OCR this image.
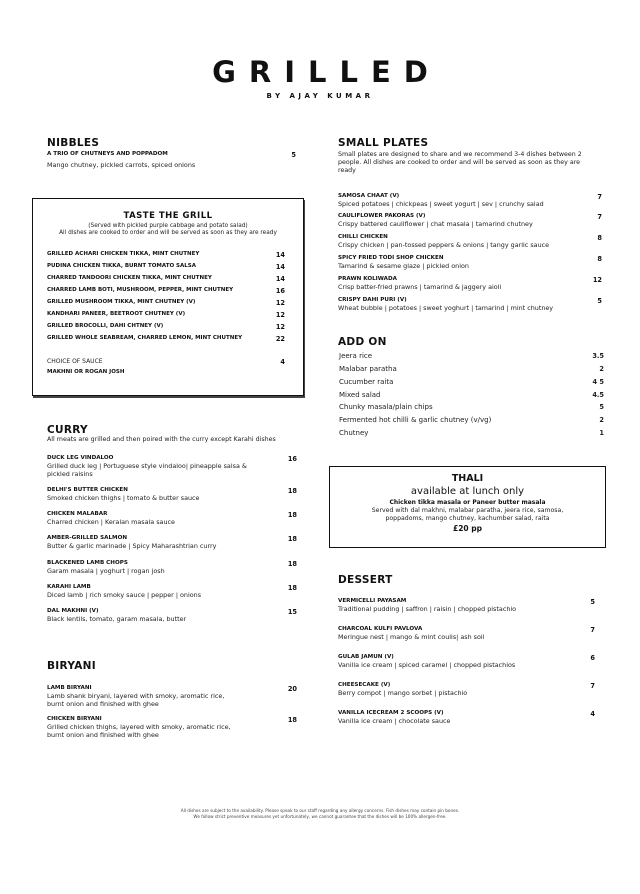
GRILLED
BY AJAY KUMAR
NIBBLES
A TRIO OF CHUTNEYS AND POPPADOM
Mango chutney, pickled carrots, spiced onions
5
TASTE THE GRILL
(Served with pickled purple cabbage and potato salad)
All dishes are cooked to order and will be served as soon as they are ready
GRILLED ACHARI CHICKEN TIKKA, MINT CHUTNEY	14
PUDINA CHICKEN TIKKA, BURNT TOMATO SALSA	14
CHARRED TANDOORI CHICKEN TIKKA, MINT CHUTNEY	14
CHARRED LAMB BOTI, MUSHROOM, PEPPER, MINT CHUTNEY	16
GRILLED MUSHROOM TIKKA, MINT CHUTNEY (V)	12
KANDHARI PANEER, BEETROOT CHUTNEY (V)	12
GRILLED BROCOLLI, DAHI CHTNEY (V)	12
GRILLED WHOLE SEABREAM, CHARRED LEMON, MINT CHUTNEY	22
CHOICE OF SAUCE	4
MAKHNI OR ROGAN JOSH
CURRY
All meats are grilled and then poired with the curry except Karahi dishes
DUCK LEG VINDALOO
Grilled duck leg | Portuguese style vindaloo| pineapple salsa & pickled raisins
16
DELHI'S BUTTER CHICKEN
Smoked chicken thighs | tomato & butter sauce
18
CHICKEN MALABAR
Charred chicken | Keralan masala sauce
18
AMBER-GRILLED SALMON
Butter & garlic marinade | Spicy Maharashtrian curry
18
BLACKENED LAMB CHOPS
Garam masala | yoghurt | rogan josh
18
KARAHI LAMB
Diced lamb | rich smoky sauce | pepper | onions
18
DAL MAKHNI (V)
Black lentils, tomato, garam masala, butter
15
BIRYANI
LAMB BIRYANI
Lamb shank biryani, layered with smoky, aromatic rice, burnt onion and finished with ghee
20
CHICKEN BIRYANI
Grilled chicken thighs, layered with smoky, aromatic rice, burnt onion and finished with ghee
18
SMALL PLATES
Small plates are designed to share and we recommend 3-4 dishes between 2 people. All dishes are cooked to order and will be served as soon as they are ready
SAMOSA CHAAT (V)
Spiced potatoes | chickpeas | sweet yogurt | sev | crunchy salad
7
CAULIFLOWER PAKORAS (V)
Crispy battered cauliflower | chat masala | tamarind chutney
7
CHILLI CHICKEN
Crispy chicken | pan-tossed peppers & onions | tangy garlic sauce
8
SPICY FRIED TODI SHOP CHICKEN
Tamarind & sesame glaze | pickled onion
8
PRAWN KOLIWADA
Crisp batter-fried prawns | tamarind & jaggery aioli
12
CRISPY DAHI PURI (V)
Wheat bubble | potatoes | sweet yoghurt | tamarind | mint chutney
5
ADD ON
Jeera rice	3.5
Malabar paratha	2
Cucumber raita	4 5
Mixed salad	4.5
Chunky masala/plain chips	5
Fermented hot chilli & garlic chutney (v/vg)	2
Chutney	1
THALI
available at lunch only
Chicken tikka masala or Paneer butter masala
Served with dal makhni, malabar paratha, jeera rice, samosa, poppadoms, mango chutney, kachumber salad, raita
£20 pp
DESSERT
VERMICELLI PAYASAM
Traditional pudding | saffron | raisin | chopped pistachio
5
CHARCOAL KULFI PAVLOVA
Meringue nest | mango & mint coulis| ash soil
7
GULAB JAMUN (V)
Vanilla ice cream | spiced caramel | chopped pistachios
6
CHEESECAKE (V)
Berry compot | mango sorbet | pistachio
7
VANILLA ICECREAM 2 SCOOPS (V)
Vanilla ice cream | chocolate sauce
4
All dishes are subject to the availability. Please speak to our staff regarding any allergy concerns. Fish dishes may contain pin bones.
We follow strict preventive measures yet unfortunately, we cannot guarantee that the dishes will be 100% allergen-free.
